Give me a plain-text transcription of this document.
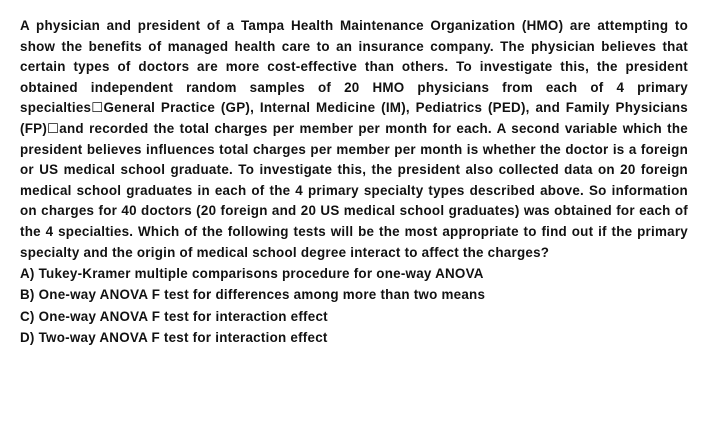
A physician and president of a Tampa Health Maintenance Organization (HMO) are attempting to show the benefits of managed health care to an insurance company. The physician believes that certain types of doctors are more cost-effective than others. To investigate this, the president obtained independent random samples of 20 HMO physicians from each of 4 primary specialties☐General Practice (GP), Internal Medicine (IM), Pediatrics (PED), and Family Physicians (FP)☐and recorded the total charges per member per month for each. A second variable which the president believes influences total charges per member per month is whether the doctor is a foreign or US medical school graduate. To investigate this, the president also collected data on 20 foreign medical school graduates in each of the 4 primary specialty types described above. So information on charges for 40 doctors (20 foreign and 20 US medical school graduates) was obtained for each of the 4 specialties. Which of the following tests will be the most appropriate to find out if the primary specialty and the origin of medical school degree interact to affect the charges?

A) Tukey-Kramer multiple comparisons procedure for one-way ANOVA
B) One-way ANOVA F test for differences among more than two means
C) One-way ANOVA F test for interaction effect
D) Two-way ANOVA F test for interaction effect
